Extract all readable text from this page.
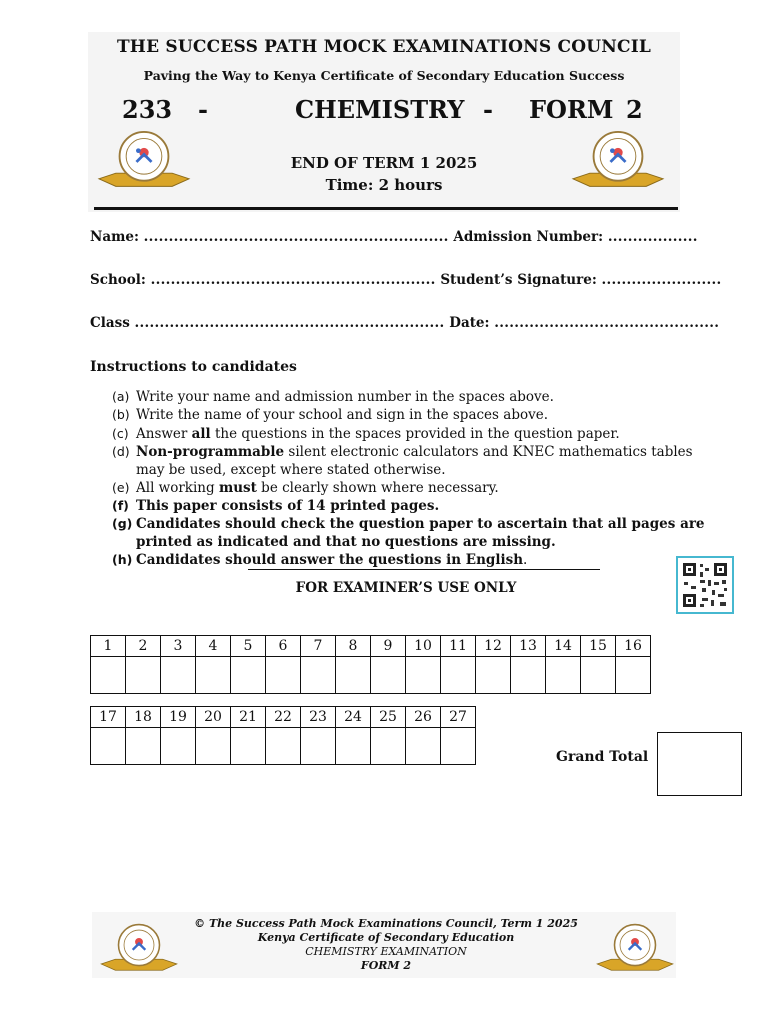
THE SUCCESS PATH MOCK EXAMINATIONS COUNCIL
Paving the Way to Kenya Certificate of Secondary Education Success
233 -	CHEMISTRY - FORM 2
END OF TERM 1 2025
Time: 2 hours
Name: ............................................................. Admission Number: ..................
School: ......................................................... Student’s Signature: ........................
Class .............................................................. Date: .............................................
Instructions to candidates
(a) Write your name and admission number in the spaces above.
(b) Write the name of your school and sign in the spaces above.
(c) Answer all the questions in the spaces provided in the question paper.
(d) Non-programmable silent electronic calculators and KNEC mathematics tables
may be used, except where stated otherwise.
(e) All working must be clearly shown where necessary.
(f) This paper consists of 14 printed pages.
(g) Candidates should check the question paper to ascertain that all pages are
printed as indicated and that no questions are missing.
(h) Candidates should answer the questions in English.
FOR EXAMINER’S USE ONLY
1	2	3	4	5	6	7	8	9	10	11	12	13	14	15	16

17	18	19	20	21	22	23	24	25	26	27

Grand Total
© The Success Path Mock Examinations Council, Term 1 2025
Kenya Certificate of Secondary Education
CHEMISTRY EXAMINATION
FORM 2
